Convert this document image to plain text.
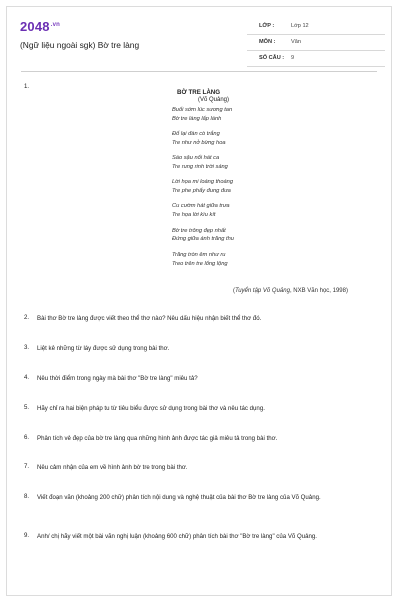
$2048^{.vn}$
(Ngữ liệu ngoài sgk) Bờ tre làng
LỚP :	Lớp 12
MÔN :	Văn
SỐ CÂU : 9
1.
BỜ TRE LÀNG
(Võ Quảng)
Buổi sớm lúc sương tan
Bờ tre làng lấp lánh
Đổ lại đàn cò trắng
Tre như nở bừng hoa
Sáo sậu nối hát ca
Tre rung rinh trời sáng
Lời họa mi loáng thoáng
Tre phe phẩy đung đưa
Cu cườm hát giữa trưa
Tre họa lời kìu kít
Bờ tre trông đẹp nhất
Đứng giữa ánh trăng thu
Trăng tròn êm như ru
Treo trên tre lống lộng
(Tuyển tập Võ Quảng, NXB Văn học, 1998)
2. Bài thơ Bờ tre làng được viết theo thể thơ nào? Nêu dấu hiệu nhận biết thể thơ đó.
3. Liệt kê những từ láy được sử dụng trong bài thơ.
4. Nêu thời điểm trong ngày mà bài thơ "Bờ tre làng" miêu tả?
5. Hãy chỉ ra hai biện pháp tu từ tiêu biểu được sử dụng trong bài thơ và nêu tác dụng.
6. Phân tích vẻ đẹp của bờ tre làng qua những hình ảnh được tác giả miêu tả trong bài thơ.
7. Nêu cảm nhận của em về hình ảnh bờ tre trong bài thơ.
8. Viết đoạn văn (khoảng 200 chữ) phân tích nội dung và nghệ thuật của bài thơ Bờ tre làng của Võ Quảng.
9. Anh/ chị hãy viết một bài văn nghị luận (khoảng 600 chữ) phân tích bài thơ "Bờ tre làng" của Võ Quảng.
